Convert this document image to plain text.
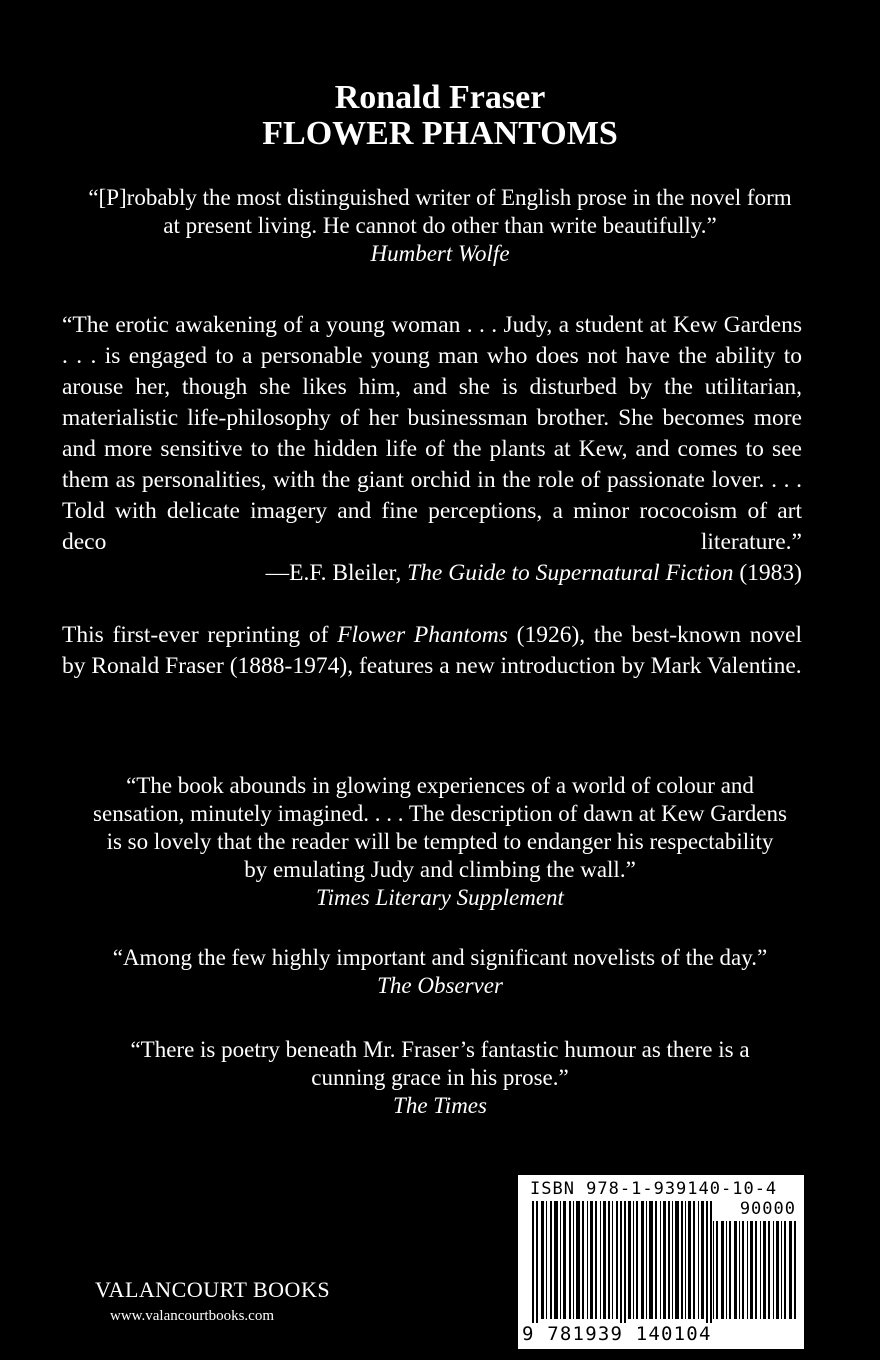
Ronald Fraser
FLOWER PHANTOMS
“[P]robably the most distinguished writer of English prose in the novel form
at present living. He cannot do other than write beautifully.”
Humbert Wolfe
“The erotic awakening of a young woman . . . Judy, a student at Kew Gardens . . . is engaged to a personable young man who does not have the ability to arouse her, though she likes him, and she is disturbed by the utilitarian, materialistic life-philosophy of her businessman brother. She becomes more and more sensitive to the hidden life of the plants at Kew, and comes to see them as personalities, with the giant orchid in the role of passionate lover. . . . Told with delicate imagery and fine perceptions, a minor rococoism of art deco literature.”
—E.F. Bleiler, The Guide to Supernatural Fiction (1983)
This first-ever reprinting of Flower Phantoms (1926), the best-known novel by Ronald Fraser (1888-1974), features a new introduction by Mark Valentine.
“The book abounds in glowing experiences of a world of colour and
sensation, minutely imagined. . . . The description of dawn at Kew Gardens
is so lovely that the reader will be tempted to endanger his respectability
by emulating Judy and climbing the wall.”
Times Literary Supplement
“Among the few highly important and significant novelists of the day.”
The Observer
“There is poetry beneath Mr. Fraser’s fantastic humour as there is a
cunning grace in his prose.”
The Times
VALANCOURT BOOKS
www.valancourtbooks.com
ISBN 978-1-939140-10-4
90000
9 781939 140104
